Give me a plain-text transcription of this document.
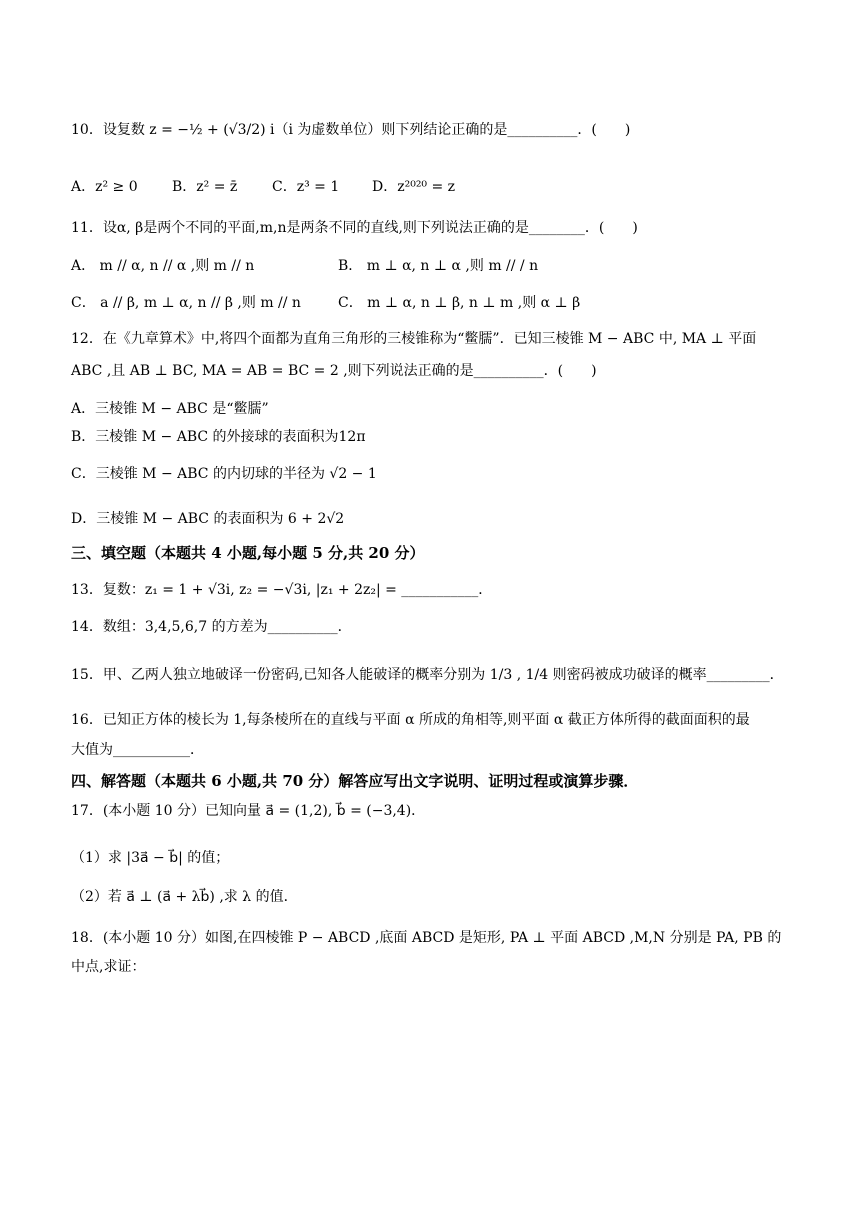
10．设复数 z = −½ + (√3/2) i（i 为虚数单位）则下列结论正确的是__________．(　　)
A．z² ≥ 0 B．z² = z̄ C．z³ = 1 D．z²⁰²⁰ = z
11．设α, β是两个不同的平面,m,n是两条不同的直线,则下列说法正确的是________．(　　)
A． m // α, n // α ,则 m // n	B． m ⊥ α, n ⊥ α ,则 m // / n
C． a // β, m ⊥ α, n // β ,则 m // n	C． m ⊥ α, n ⊥ β, n ⊥ m ,则 α ⊥ β
12．在《九章算术》中,将四个面都为直角三角形的三棱锥称为“鳖臑”．已知三棱锥 M − ABC 中, MA ⊥ 平面
ABC ,且 AB ⊥ BC, MA = AB = BC = 2 ,则下列说法正确的是__________．(　　)
A．三棱锥 M − ABC 是“鳖臑”
B．三棱锥 M − ABC 的外接球的表面积为12π
C．三棱锥 M − ABC 的内切球的半径为 √2 − 1
D．三棱锥 M − ABC 的表面积为 6 + 2√2
三、填空题（本题共 4 小题,每小题 5 分,共 20 分）
13．复数：z₁ = 1 + √3i, z₂ = −√3i, |z₁ + 2z₂| = ___________．
14．数组：3,4,5,6,7 的方差为__________．
15．甲、乙两人独立地破译一份密码,已知各人能破译的概率分别为 1/3 , 1/4 则密码被成功破译的概率_________．
16．已知正方体的棱长为 1,每条棱所在的直线与平面 α 所成的角相等,则平面 α 截正方体所得的截面面积的最
大值为___________．
四、解答题（本题共 6 小题,共 70 分）解答应写出文字说明、证明过程或演算步骤．
17．(本小题 10 分）已知向量 a⃗ = (1,2), b⃗ = (−3,4)．
（1）求 |3a⃗ − b⃗| 的值；
（2）若 a⃗ ⊥ (a⃗ + λb⃗) ,求 λ 的值．
18．(本小题 10 分）如图,在四棱锥 P − ABCD ,底面 ABCD 是矩形, PA ⊥ 平面 ABCD ,M,N 分别是 PA, PB 的
中点,求证：
